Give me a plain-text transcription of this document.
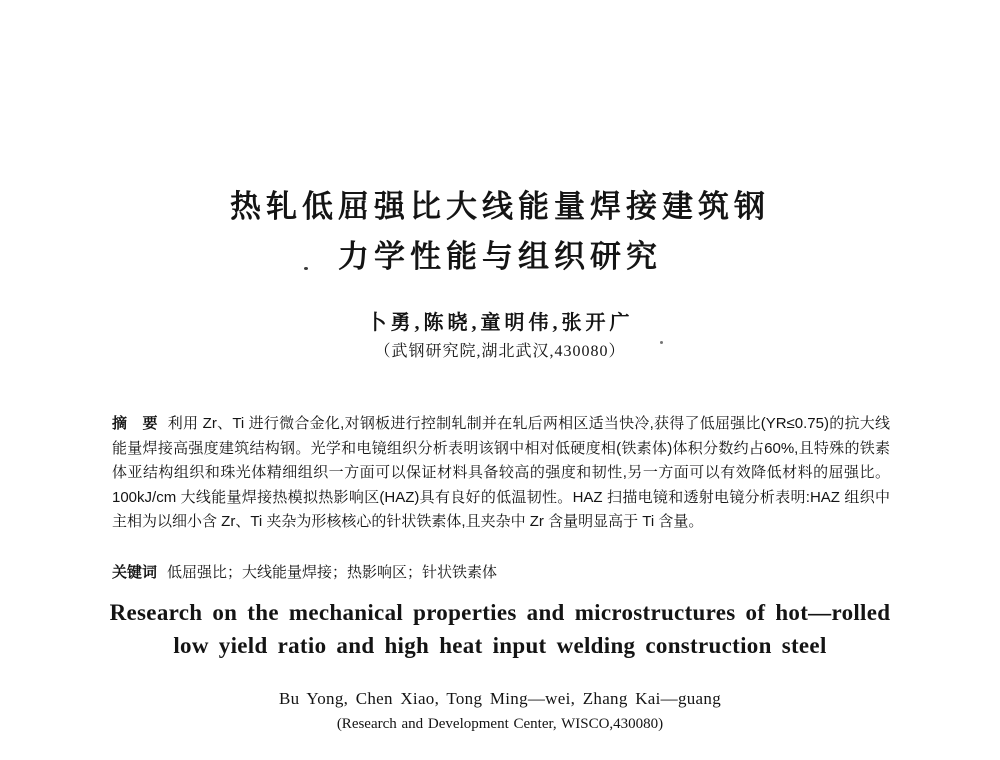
热轧低屈强比大线能量焊接建筑钢
力学性能与组织研究
卜勇,陈晓,童明伟,张开广
（武钢研究院,湖北武汉,430080）

摘　要 利用 Zr、Ti 进行微合金化,对钢板进行控制轧制并在轧后两相区适当快冷,获得了低屈强比(YR≤0.75)的抗大线能量焊接高强度建筑结构钢。光学和电镜组织分析表明该钢中相对低硬度相(铁素体)体积分数约占60%,且特殊的铁素体亚结构组织和珠光体精细组织一方面可以保证材料具备较高的强度和韧性,另一方面可以有效降低材料的屈强比。100kJ/cm 大线能量焊接热模拟热影响区(HAZ)具有良好的低温韧性。HAZ 扫描电镜和透射电镜分析表明:HAZ 组织中主相为以细小含 Zr、Ti 夹杂为形核核心的针状铁素体,且夹杂中 Zr 含量明显高于 Ti 含量。

关键词 低屈强比；大线能量焊接；热影响区；针状铁素体

Research on the mechanical properties and microstructures of hot—rolled
low yield ratio and high heat input welding construction steel
Bu Yong, Chen Xiao, Tong Ming—wei, Zhang Kai—guang
(Research and Development Center, WISCO,430080)
